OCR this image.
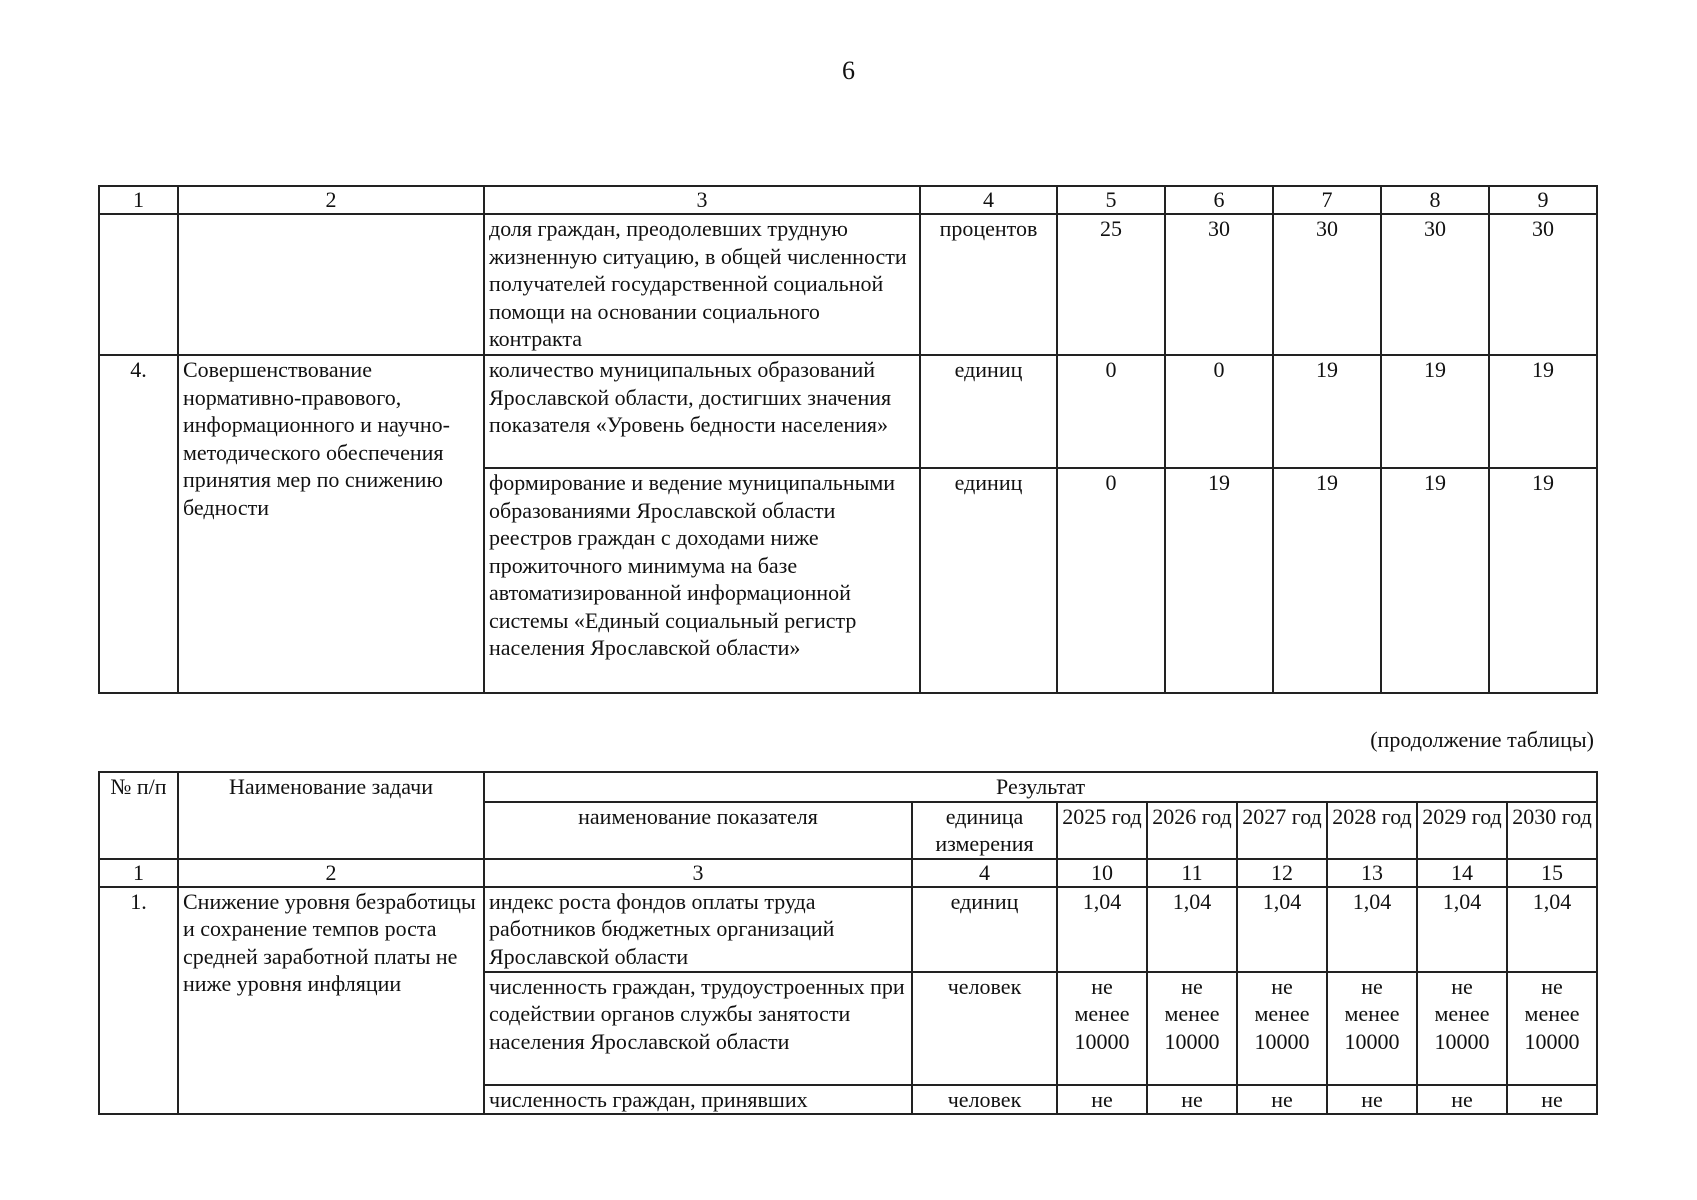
6
1	2	3	4	5	6	7	8	9
		доля граждан, преодолевших трудную жизненную ситуацию, в общей численности получателей государственной социальной помощи на основании социального контракта	процентов	25	30	30	30	30
4.	Совершенствование нормативно-правового, информационного и научно-методического обеспечения принятия мер по снижению бедности	количество муниципальных образований Ярославской области, достигших значения показателя «Уровень бедности населения»	единиц	0	0	19	19	19
		формирование и ведение муниципальными образованиями Ярославской области реестров граждан с доходами ниже прожиточного минимума на базе автоматизированной информационной системы «Единый социальный регистр населения Ярославской области»	единиц	0	19	19	19	19
(продолжение таблицы)
№ п/п	Наименование задачи	Результат							
		наименование показателя	единица измерения	2025 год	2026 год	2027 год	2028 год	2029 год	2030 год
1	2	3	4	10	11	12	13	14	15
1.	Снижение уровня безработицы и сохранение темпов роста средней заработной платы не ниже уровня инфляции	индекс роста фондов оплаты труда работников бюджетных организаций Ярославской области	единиц	1,04	1,04	1,04	1,04	1,04	1,04
		численность граждан, трудоустроенных при содействии органов службы занятости населения Ярославской области	человек	не менее 10000	не менее 10000	не менее 10000	не менее 10000	не менее 10000	не менее 10000
		численность граждан, принявших	человек	не	не	не	не	не	не
